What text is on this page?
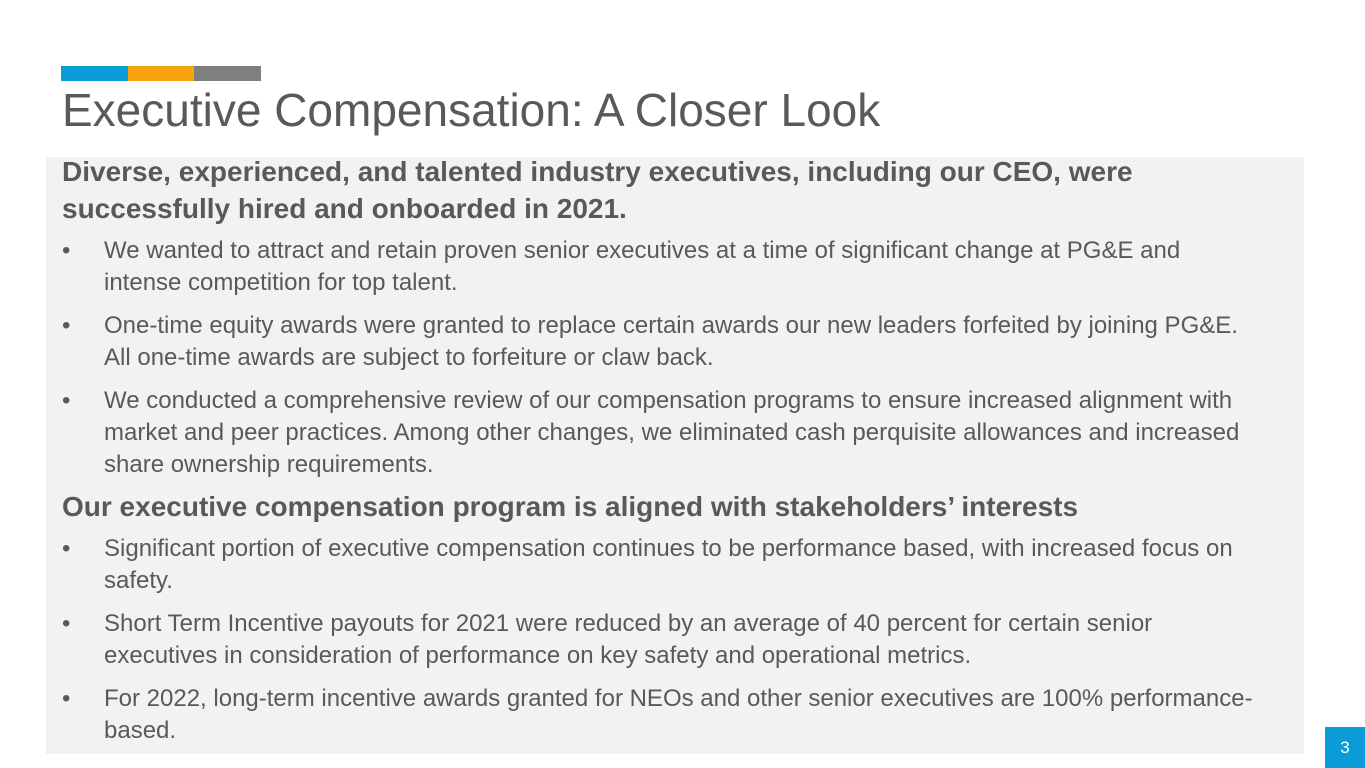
Executive Compensation: A Closer Look

Diverse, experienced, and talented industry executives, including our CEO, were successfully hired and onboarded in 2021.

• We wanted to attract and retain proven senior executives at a time of significant change at PG&E and intense competition for top talent.
• One-time equity awards were granted to replace certain awards our new leaders forfeited by joining PG&E. All one-time awards are subject to forfeiture or claw back.
• We conducted a comprehensive review of our compensation programs to ensure increased alignment with market and peer practices. Among other changes, we eliminated cash perquisite allowances and increased share ownership requirements.

Our executive compensation program is aligned with stakeholders’ interests

• Significant portion of executive compensation continues to be performance based, with increased focus on safety.
• Short Term Incentive payouts for 2021 were reduced by an average of 40 percent for certain senior executives in consideration of performance on key safety and operational metrics.
• For 2022, long-term incentive awards granted for NEOs and other senior executives are 100% performance-based.
3
